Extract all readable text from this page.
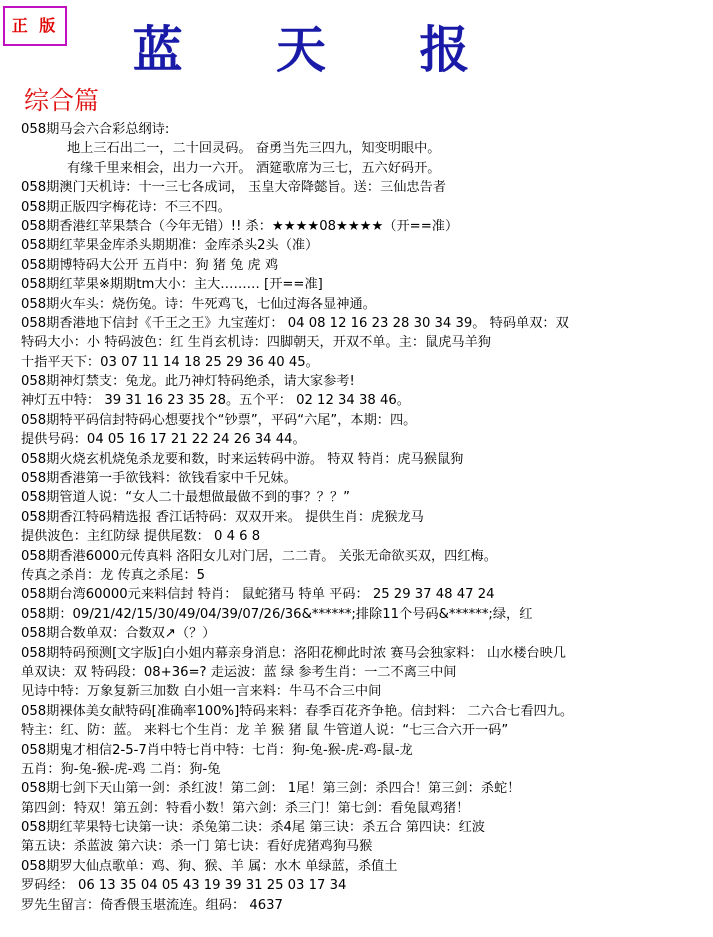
正 版	蓝 天 报
综合篇
058期马会六合彩总纲诗:
地上三石出二一，二十回灵码。 奋勇当先三四九，知变明眼中。
有缘千里来相会，出力一六开。 酒筵歌席为三七，五六好码开。
058期澳门天机诗：十一三七各成词， 玉皇大帝降懿旨。送：三仙忠告者
058期正版四字梅花诗：不三不四。
058期香港红苹果禁合（今年无错）!! 杀：★★★★08★★★★（开==准）
058期红苹果金库杀头期期准：金库杀头2头（准）
058期博特码大公开 五肖中：狗 猪 兔 虎 鸡
058期红苹果※期期tm大小：主大……… [开==准]
058期火车头：烧伤兔。诗：牛死鸡飞，七仙过海各显神通。
058期香港地下信封《千王之王》九宝莲灯： 04 08 12 16 23 28 30 34 39。 特码单双：双
特码大小：小 特码波色：红 生肖玄机诗：四脚朝天，开双不单。主：鼠虎马羊狗
十指平天下：03 07 11 14 18 25 29 36 40 45。
058期神灯禁支：兔龙。此乃神灯特码绝杀，请大家参考!
神灯五中特： 39 31 16 23 35 28。五个平： 02 12 34 38 46。
058期特平码信封特码心想要找个“钞票”，平码“六尾”，本期：四。
提供号码：04 05 16 17 21 22 24 26 34 44。
058期火烧玄机烧兔杀龙要和数，时来运转码中游。 特双 特肖：虎马猴鼠狗
058期香港第一手欲钱料：欲钱看家中千兄妹。
058期管道人说：“女人二十最想做最做不到的事？？？”
058期香江特码精选报 香江话特码：双双开来。 提供生肖：虎猴龙马
提供波色：主红防绿 提供尾数： 0 4 6 8
058期香港6000元传真料 洛阳女儿对门居，二二青。 关张无命欲买双，四红梅。
传真之杀肖：龙 传真之杀尾：5
058期台湾60000元来料信封 特肖： 鼠蛇猪马 特单 平码： 25 29 37 48 47 24
058期：09/21/42/15/30/49/04/39/07/26/36&******;排除11个号码&******;绿，红
058期合数单双：合数双↗（？）
058期特码预测[文字版]白小姐内幕亲身消息：洛阳花柳此时浓 赛马会独家料： 山水楼台映几
单双诀：双 特码段：08+36=? 走运波：蓝 绿 参考生肖：一二不离三中间
见诗中特：万象复新三加数 白小姐一言来料：牛马不合三中间
058期裸体美女献特码[准确率100%]特码来料：春季百花齐争艳。信封料： 二六合七看四九。
特主：红、防：蓝。 来料七个生肖：龙 羊 猴 猪 鼠 牛管道人说：“七三合六开一码”
058期鬼才相信2-5-7肖中特七肖中特：七肖：狗-兔-猴-虎-鸡-鼠-龙
五肖：狗-兔-猴-虎-鸡 二肖：狗-兔
058期七剑下天山第一剑：杀红波！第二剑： 1尾！第三剑：杀四合！第三剑：杀蛇！
第四剑：特双！第五剑：特看小数！第六剑：杀三门！第七剑：看兔鼠鸡猪！
058期红苹果特七诀第一诀：杀兔第二诀：杀4尾 第三诀：杀五合 第四诀：红波
第五诀：杀蓝波 第六诀：杀一门 第七诀：看好虎猪鸡狗马猴
058期罗大仙点歌单：鸡、狗、猴、羊 属：水木 单绿蓝，杀值土
罗码经： 06 13 35 04 05 43 19 39 31 25 03 17 34
罗先生留言：倚香偎玉堪流连。组码： 4637
